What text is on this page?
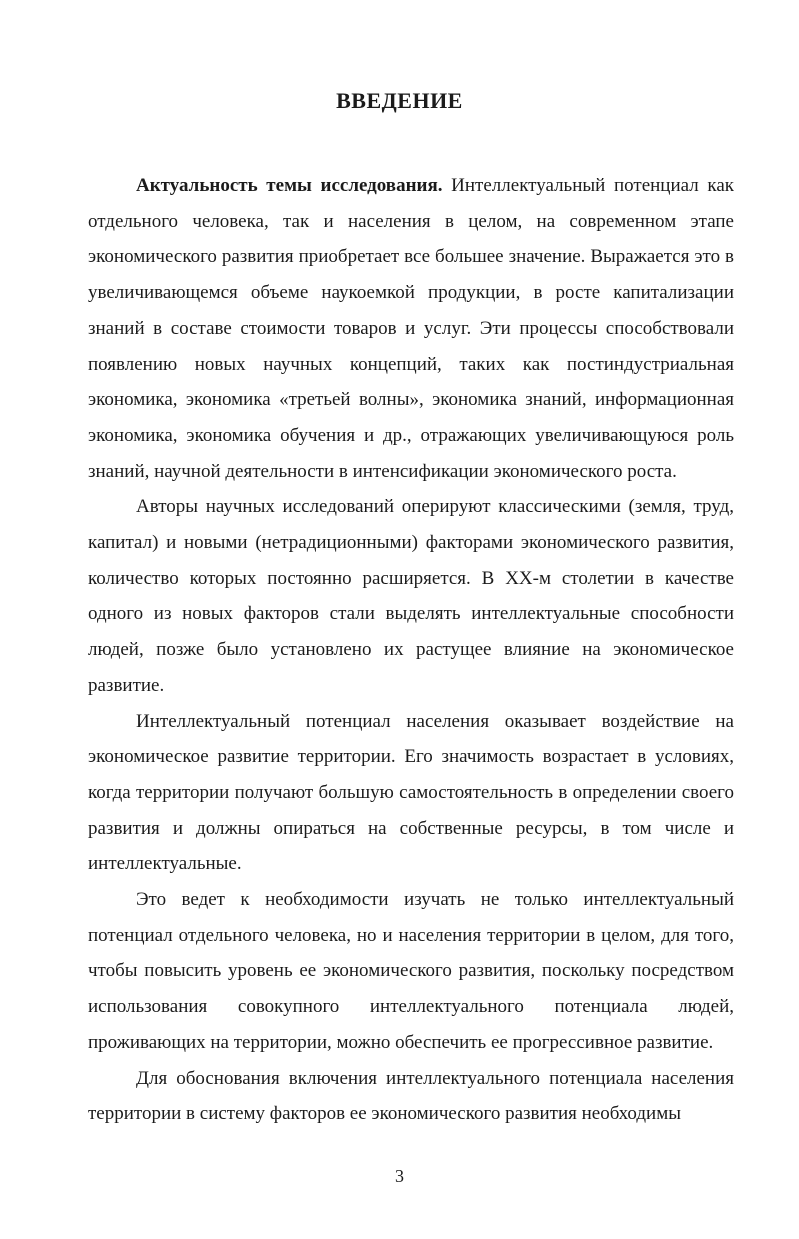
ВВЕДЕНИЕ

Актуальность темы исследования. Интеллектуальный потенциал как отдельного человека, так и населения в целом, на современном этапе экономического развития приобретает все большее значение. Выражается это в увеличивающемся объеме наукоемкой продукции, в росте капитализации знаний в составе стоимости товаров и услуг. Эти процессы способствовали появлению новых научных концепций, таких как постиндустриальная экономика, экономика «третьей волны», экономика знаний, информационная экономика, экономика обучения и др., отражающих увеличивающуюся роль знаний, научной деятельности в интенсификации экономического роста.

Авторы научных исследований оперируют классическими (земля, труд, капитал) и новыми (нетрадиционными) факторами экономического развития, количество которых постоянно расширяется. В ХХ-м столетии в качестве одного из новых факторов стали выделять интеллектуальные способности людей, позже было установлено их растущее влияние на экономическое развитие.

Интеллектуальный потенциал населения оказывает воздействие на экономическое развитие территории. Его значимость возрастает в условиях, когда территории получают большую самостоятельность в определении своего развития и должны опираться на собственные ресурсы, в том числе и интеллектуальные.

Это ведет к необходимости изучать не только интеллектуальный потенциал отдельного человека, но и населения территории в целом, для того, чтобы повысить уровень ее экономического развития, поскольку посредством использования совокупного интеллектуального потенциала людей, проживающих на территории, можно обеспечить ее прогрессивное развитие.

Для обоснования включения интеллектуального потенциала населения территории в систему факторов ее экономического развития необходимы

3
